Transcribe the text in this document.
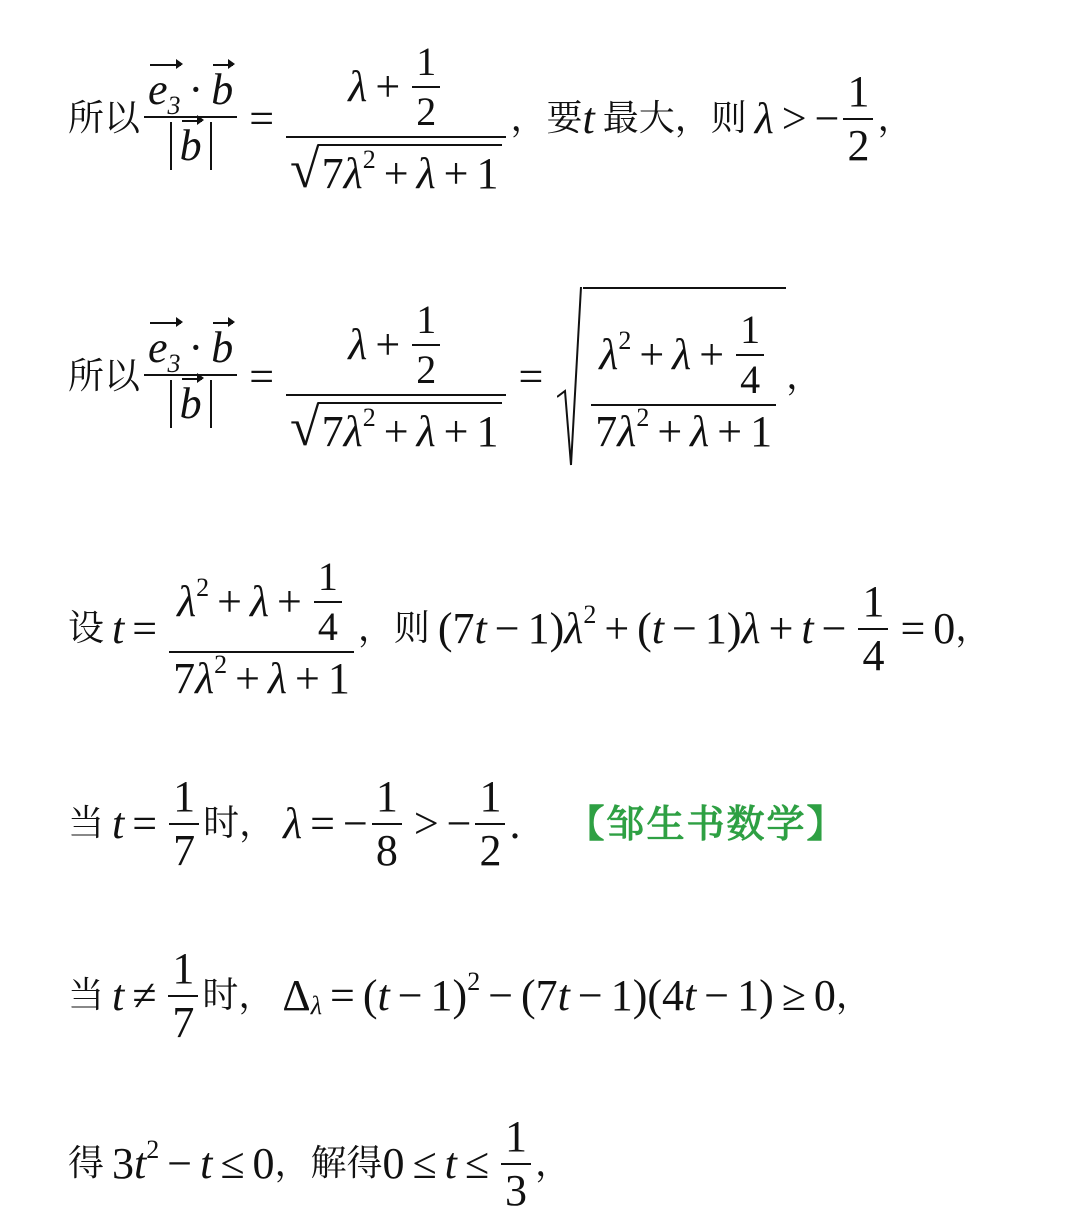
所以 $\frac{e_3 \cdot b}{b} = \frac{\lambda + \frac{1}{2}}{√ 7 \lambda^2 + \lambda + 1}$ ，要 t 最大，则 λ > − $\frac{1}{2}$ ，
所以 $\frac{e_3 \cdot b}{b} = \frac{\lambda + \frac{1}{2}}{√ 7 \lambda^2 + \lambda + 1} = \frac{\lambda^2 + \lambda + \frac{1}{4}}{7 \lambda^2 + \lambda + 1}$ ，
设 $t = \frac{\lambda^2 + \lambda + \frac{1}{4}}{7 \lambda^2 + \lambda + 1}$ ，则 (7 t − 1) $\lambda^2$ + ( t − 1) $\lambda + t - \frac{1}{4} = 0$ ，
当 $t = \frac{1}{7}$ 时， λ = − $\frac{1}{8}$ > − $\frac{1}{2}$ . 【邹生书数学】
当 $t \ne \frac{1}{7}$ 时， $\Delta_\lambda$ = ( t − 1)$^2$ − (7 t − 1)(4 t − 1) ≥ 0 ，
得 3 $t^2 - t \le 0$ ，解得 $0 \le t \le \frac{1}{3}$ ，
